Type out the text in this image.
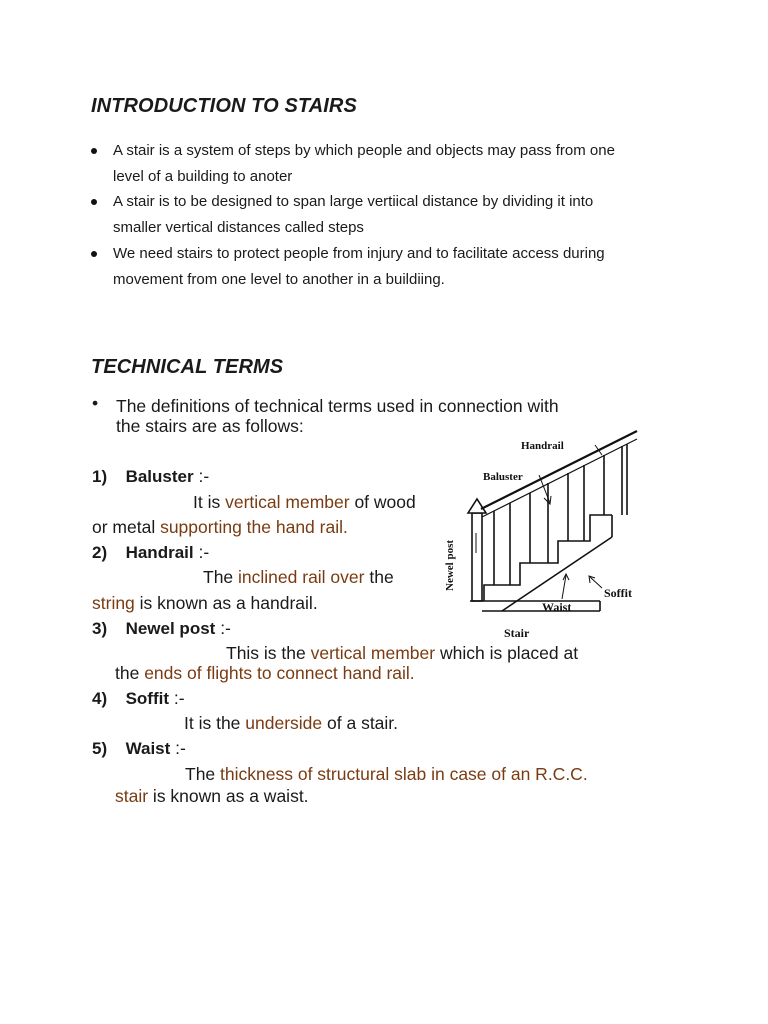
INTRODUCTION TO STAIRS
A stair is a system of steps by which people and objects may pass from one
level of a building to anoter
A stair is to be designed to span large vertiical distance by dividing it into
smaller vertical distances called steps
We need stairs to protect people from injury and to facilitate access during
movement from one level to another in a buildiing.
TECHNICAL TERMS
• The definitions of technical terms used in connection with
the stairs are as follows:
1) Baluster :-
It is vertical member of wood
or metal supporting the hand rail.
2) Handrail :-
The inclined rail over the
string is known as a handrail.
3) Newel post :-
This is the vertical member which is placed at
the ends of flights to connect hand rail.
4) Soffit :-
It is the underside of a stair.
5) Waist :-
The thickness of structural slab in case of an R.C.C.
stair is known as a waist.
Handrail
Baluster
Newel post
Soffit
Waist
Stair
